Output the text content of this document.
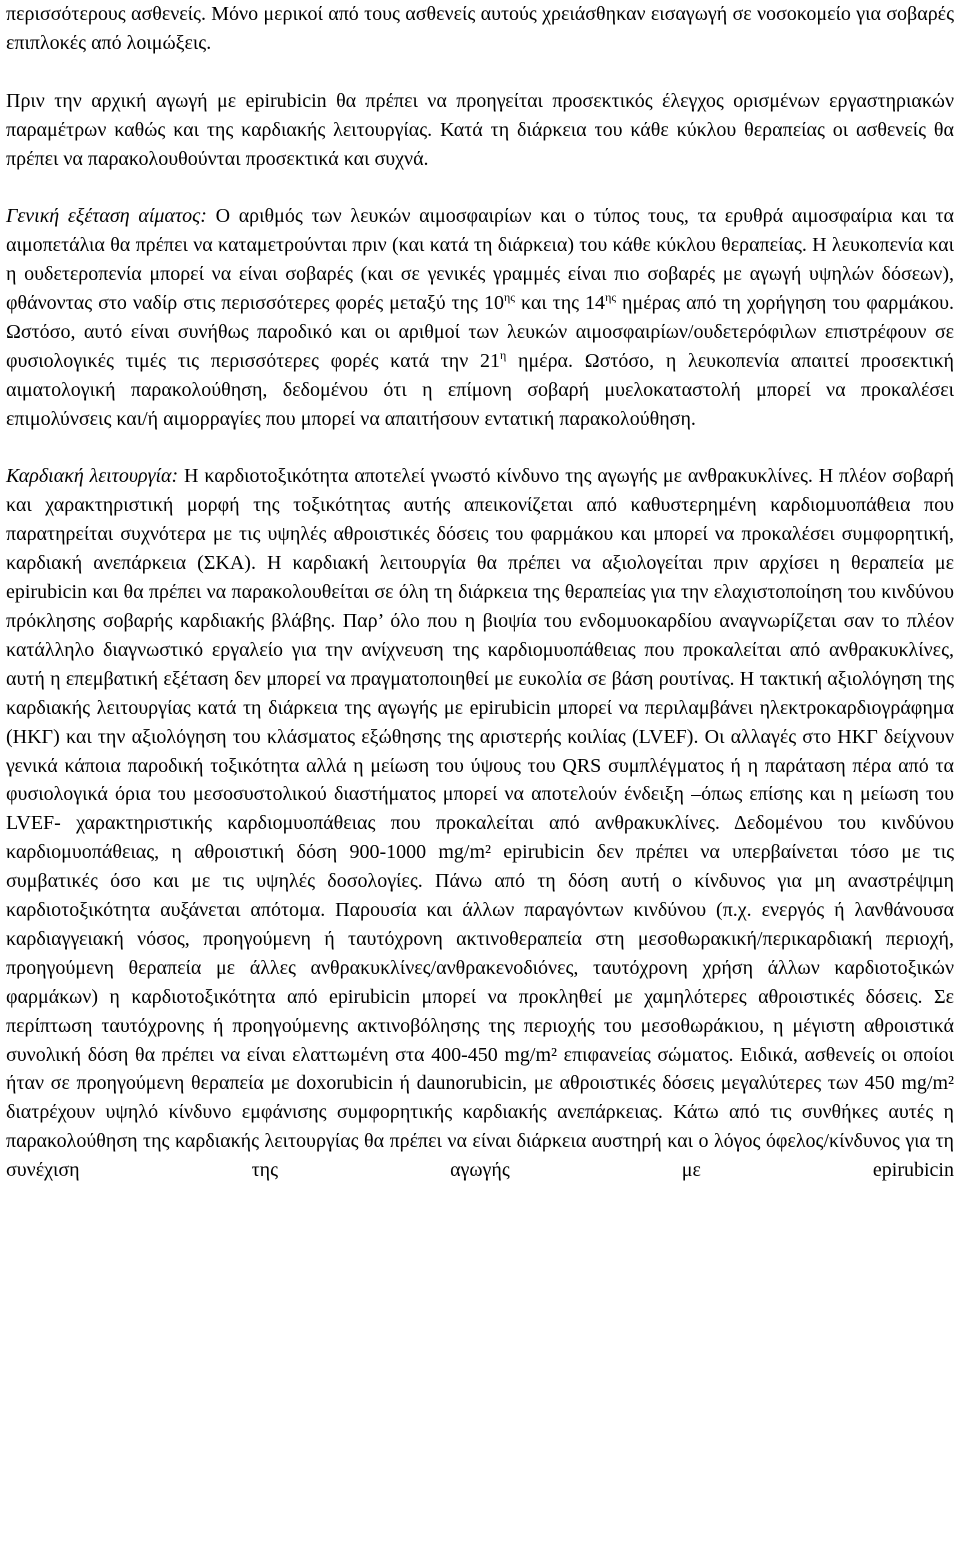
περισσότερους ασθενείς. Μόνο μερικοί από τους ασθενείς αυτούς χρειάσθηκαν εισαγωγή σε νοσοκομείο για σοβαρές επιπλοκές από λοιμώξεις.

Πριν την αρχική αγωγή με epirubicin θα πρέπει να προηγείται προσεκτικός έλεγχος ορισμένων εργαστηριακών παραμέτρων καθώς και της καρδιακής λειτουργίας. Κατά τη διάρκεια του κάθε κύκλου θεραπείας οι ασθενείς θα πρέπει να παρακολουθούνται προσεκτικά και συχνά.

Γενική εξέταση αίματος: Ο αριθμός των λευκών αιμοσφαιρίων και ο τύπος τους, τα ερυθρά αιμοσφαίρια και τα αιμοπετάλια θα πρέπει να καταμετρούνται πριν (και κατά τη διάρκεια) του κάθε κύκλου θεραπείας. Η λευκοπενία και η ουδετεροπενία μπορεί να είναι σοβαρές (και σε γενικές γραμμές είναι πιο σοβαρές με αγωγή υψηλών δόσεων), φθάνοντας στο ναδίρ στις περισσότερες φορές μεταξύ της $10^{\eta\varsigma}$ και της $14^{\eta\varsigma}$ ημέρας από τη χορήγηση του φαρμάκου. Ωστόσο, αυτό είναι συνήθως παροδικό και οι αριθμοί των λευκών αιμοσφαιρίων/ουδετερόφιλων επιστρέφουν σε φυσιολογικές τιμές τις περισσότερες φορές κατά την $21^\eta$ ημέρα. Ωστόσο, η λευκοπενία απαιτεί προσεκτική αιματολογική παρακολούθηση, δεδομένου ότι η επίμονη σοβαρή μυελοκαταστολή μπορεί να προκαλέσει επιμολύνσεις και/ή αιμορραγίες που μπορεί να απαιτήσουν εντατική παρακολούθηση.

Καρδιακή λειτουργία: Η καρδιοτοξικότητα αποτελεί γνωστό κίνδυνο της αγωγής με ανθρακυκλίνες. Η πλέον σοβαρή και χαρακτηριστική μορφή της τοξικότητας αυτής απεικονίζεται από καθυστερημένη καρδιομυοπάθεια που παρατηρείται συχνότερα με τις υψηλές αθροιστικές δόσεις του φαρμάκου και μπορεί να προκαλέσει συμφορητική, καρδιακή ανεπάρκεια (ΣΚΑ). Η καρδιακή λειτουργία θα πρέπει να αξιολογείται πριν αρχίσει η θεραπεία με epirubicin και θα πρέπει να παρακολουθείται σε όλη τη διάρκεια της θεραπείας για την ελαχιστοποίηση του κινδύνου πρόκλησης σοβαρής καρδιακής βλάβης. Παρ’ όλο που η βιοψία του ενδομυοκαρδίου αναγνωρίζεται σαν το πλέον κατάλληλο διαγνωστικό εργαλείο για την ανίχνευση της καρδιομυοπάθειας που προκαλείται από ανθρακυκλίνες, αυτή η επεμβατική εξέταση δεν μπορεί να πραγματοποιηθεί με ευκολία σε βάση ρουτίνας. Η τακτική αξιολόγηση της καρδιακής λειτουργίας κατά τη διάρκεια της αγωγής με epirubicin μπορεί να περιλαμβάνει ηλεκτροκαρδιογράφημα (ΗΚΓ) και την αξιολόγηση του κλάσματος εξώθησης της αριστερής κοιλίας (LVEF). Οι αλλαγές στο ΗΚΓ δείχνουν γενικά κάποια παροδική τοξικότητα αλλά η μείωση του ύψους του QRS συμπλέγματος ή η παράταση πέρα από τα φυσιολογικά όρια του μεσοσυστολικού διαστήματος μπορεί να αποτελούν ένδειξη –όπως επίσης και η μείωση του LVEF- χαρακτηριστικής καρδιομυοπάθειας που προκαλείται από ανθρακυκλίνες. Δεδομένου του κινδύνου καρδιομυοπάθειας, η αθροιστική δόση 900-1000 mg/m² epirubicin δεν πρέπει να υπερβαίνεται τόσο με τις συμβατικές όσο και με τις υψηλές δοσολογίες. Πάνω από τη δόση αυτή ο κίνδυνος για μη αναστρέψιμη καρδιοτοξικότητα αυξάνεται απότομα. Παρουσία και άλλων παραγόντων κινδύνου (π.χ. ενεργός ή λανθάνουσα καρδιαγγειακή νόσος, προηγούμενη ή ταυτόχρονη ακτινοθεραπεία στη μεσοθωρακική/περικαρδιακή περιοχή, προηγούμενη θεραπεία με άλλες ανθρακυκλίνες/ανθρακενοδιόνες, ταυτόχρονη χρήση άλλων καρδιοτοξικών φαρμάκων) η καρδιοτοξικότητα από epirubicin μπορεί να προκληθεί με χαμηλότερες αθροιστικές δόσεις. Σε περίπτωση ταυτόχρονης ή προηγούμενης ακτινοβόλησης της περιοχής του μεσοθωράκιου, η μέγιστη αθροιστικά συνολική δόση θα πρέπει να είναι ελαττωμένη στα 400-450 mg/m² επιφανείας σώματος. Ειδικά, ασθενείς οι οποίοι ήταν σε προηγούμενη θεραπεία με doxorubicin ή daunorubicin, με αθροιστικές δόσεις μεγαλύτερες των 450 mg/m² διατρέχουν υψηλό κίνδυνο εμφάνισης συμφορητικής καρδιακής ανεπάρκειας. Κάτω από τις συνθήκες αυτές η παρακολούθηση της καρδιακής λειτουργίας θα πρέπει να είναι διάρκεια αυστηρή και ο λόγος όφελος/κίνδυνος για τη συνέχιση της αγωγής με epirubicin
